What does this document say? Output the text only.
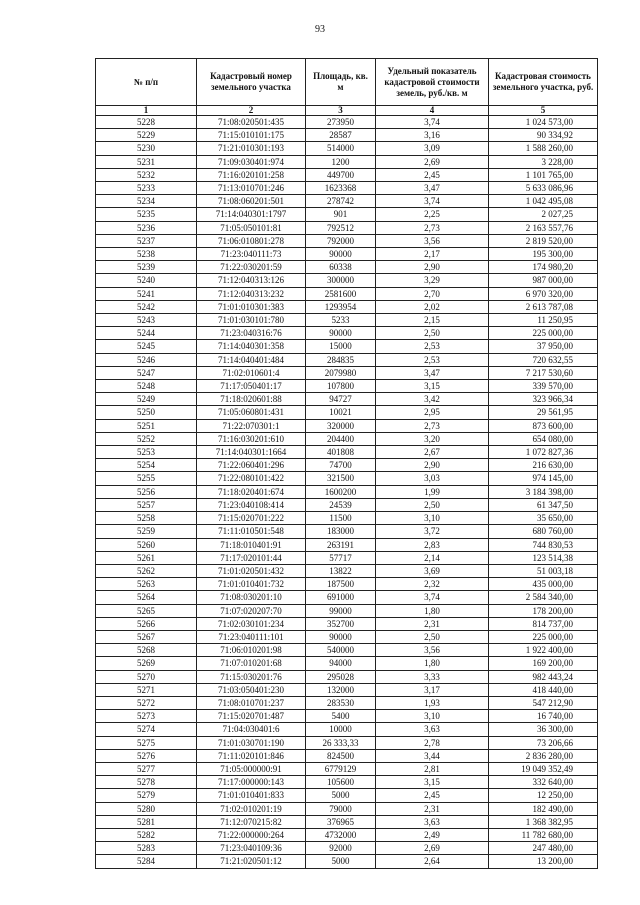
93
№ п/п	Кадастровый номер земельного участка	Площадь, кв. м	Удельный показатель кадастровой стоимости земель, руб./кв. м	Кадастровая стоимость земельного участка, руб.
1	2	3	4	5
5228	71:08:020501:435	273950	3,74	1 024 573,00
5229	71:15:010101:175	28587	3,16	90 334,92
5230	71:21:010301:193	514000	3,09	1 588 260,00
5231	71:09:030401:974	1200	2,69	3 228,00
5232	71:16:020101:258	449700	2,45	1 101 765,00
5233	71:13:010701:246	1623368	3,47	5 633 086,96
5234	71:08:060201:501	278742	3,74	1 042 495,08
5235	71:14:040301:1797	901	2,25	2 027,25
5236	71:05:050101:81	792512	2,73	2 163 557,76
5237	71:06:010801:278	792000	3,56	2 819 520,00
5238	71:23:040111:73	90000	2,17	195 300,00
5239	71:22:030201:59	60338	2,90	174 980,20
5240	71:12:040313:126	300000	3,29	987 000,00
5241	71:12:040313:232	2581600	2,70	6 970 320,00
5242	71:01:010301:383	1293954	2,02	2 613 787,08
5243	71:01:030101:780	5233	2,15	11 250,95
5244	71:23:040316:76	90000	2,50	225 000,00
5245	71:14:040301:358	15000	2,53	37 950,00
5246	71:14:040401:484	284835	2,53	720 632,55
5247	71:02:010601:4	2079980	3,47	7 217 530,60
5248	71:17:050401:17	107800	3,15	339 570,00
5249	71:18:020601:88	94727	3,42	323 966,34
5250	71:05:060801:431	10021	2,95	29 561,95
5251	71:22:070301:1	320000	2,73	873 600,00
5252	71:16:030201:610	204400	3,20	654 080,00
5253	71:14:040301:1664	401808	2,67	1 072 827,36
5254	71:22:060401:296	74700	2,90	216 630,00
5255	71:22:080101:422	321500	3,03	974 145,00
5256	71:18:020401:674	1600200	1,99	3 184 398,00
5257	71:23:040108:414	24539	2,50	61 347,50
5258	71:15:020701:222	11500	3,10	35 650,00
5259	71:11:010501:548	183000	3,72	680 760,00
5260	71:18:010401:91	263191	2,83	744 830,53
5261	71:17:020101:44	57717	2,14	123 514,38
5262	71:01:020501:432	13822	3,69	51 003,18
5263	71:01:010401:732	187500	2,32	435 000,00
5264	71:08:030201:10	691000	3,74	2 584 340,00
5265	71:07:020207:70	99000	1,80	178 200,00
5266	71:02:030101:234	352700	2,31	814 737,00
5267	71:23:040111:101	90000	2,50	225 000,00
5268	71:06:010201:98	540000	3,56	1 922 400,00
5269	71:07:010201:68	94000	1,80	169 200,00
5270	71:15:030201:76	295028	3,33	982 443,24
5271	71:03:050401:230	132000	3,17	418 440,00
5272	71:08:010701:237	283530	1,93	547 212,90
5273	71:15:020701:487	5400	3,10	16 740,00
5274	71:04:030401:6	10000	3,63	36 300,00
5275	71:01:030701:190	26 333,33	2,78	73 206,66
5276	71:11:020101:846	824500	3,44	2 836 280,00
5277	71:05:000000:91	6779129	2,81	19 049 352,49
5278	71:17:000000:143	105600	3,15	332 640,00
5279	71:01:010401:833	5000	2,45	12 250,00
5280	71:02:010201:19	79000	2,31	182 490,00
5281	71:12:070215:82	376965	3,63	1 368 382,95
5282	71:22:000000:264	4732000	2,49	11 782 680,00
5283	71:23:040109:36	92000	2,69	247 480,00
5284	71:21:020501:12	5000	2,64	13 200,00
